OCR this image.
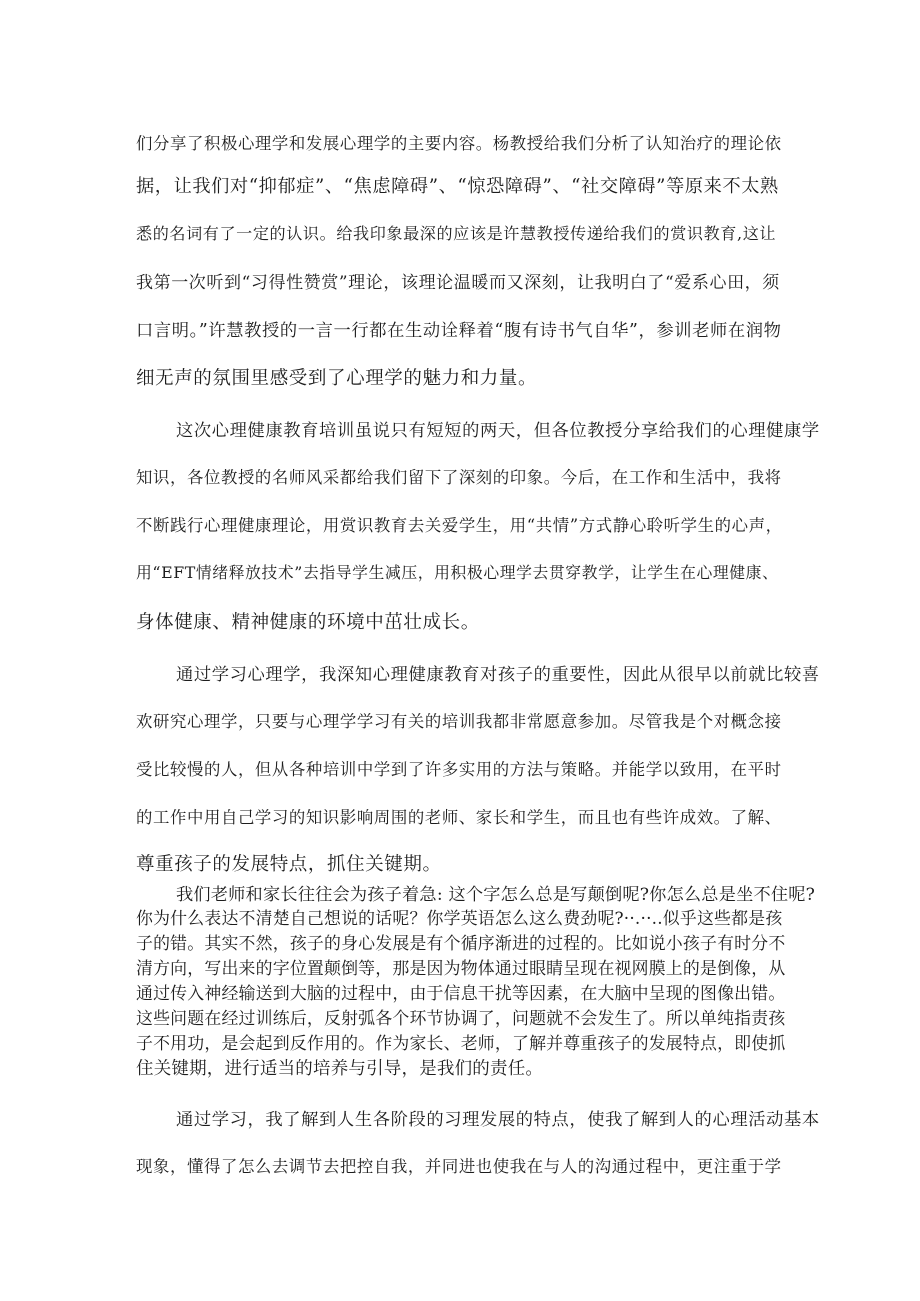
们分享了积极心理学和发展心理学的主要内容。杨教授给我们分析了认知治疗的理论依
据，让我们对“抑郁症”、“焦虑障碍”、“惊恐障碍”、“社交障碍”等原来不太熟
悉的名词有了一定的认识。给我印象最深的应该是许慧教授传递给我们的赏识教育,这让
我第一次听到“习得性赞赏”理论，该理论温暖而又深刻，让我明白了“爱系心田，须
口言明。”许慧教授的一言一行都在生动诠释着“腹有诗书气自华”，参训老师在润物
细无声的氛围里感受到了心理学的魅力和力量。
这次心理健康教育培训虽说只有短短的两天，但各位教授分享给我们的心理健康学
知识，各位教授的名师风采都给我们留下了深刻的印象。今后，在工作和生活中，我将
不断践行心理健康理论，用赏识教育去关爱学生，用“共情”方式静心聆听学生的心声，
用“EFT情绪释放技术”去指导学生减压，用积极心理学去贯穿教学，让学生在心理健康、
身体健康、精神健康的环境中茁壮成长。
通过学习心理学，我深知心理健康教育对孩子的重要性，因此从很早以前就比较喜
欢研究心理学，只要与心理学学习有关的培训我都非常愿意参加。尽管我是个对概念接
受比较慢的人，但从各种培训中学到了许多实用的方法与策略。并能学以致用，在平时
的工作中用自己学习的知识影响周围的老师、家长和学生，而且也有些许成效。了解、
尊重孩子的发展特点，抓住关键期。
我们老师和家长往往会为孩子着急: 这个字怎么总是写颠倒呢?你怎么总是坐不住呢?
你为什么表达不清楚自己想说的话呢？你学英语怎么这么费劲呢?··.··..似乎这些都是孩
子的错。其实不然，孩子的身心发展是有个循序渐进的过程的。比如说小孩子有时分不
清方向，写出来的字位置颠倒等，那是因为物体通过眼睛呈现在视网膜上的是倒像，从
通过传入神经输送到大脑的过程中，由于信息干扰等因素，在大脑中呈现的图像出错。
这些问题在经过训练后，反射弧各个环节协调了，问题就不会发生了。所以单纯指责孩
子不用功，是会起到反作用的。作为家长、老师，了解并尊重孩子的发展特点，即使抓
住关键期，进行适当的培养与引导，是我们的责任。
通过学习，我了解到人生各阶段的习理发展的特点，使我了解到人的心理活动基本
现象，懂得了怎么去调节去把控自我，并同进也使我在与人的沟通过程中，更注重于学
